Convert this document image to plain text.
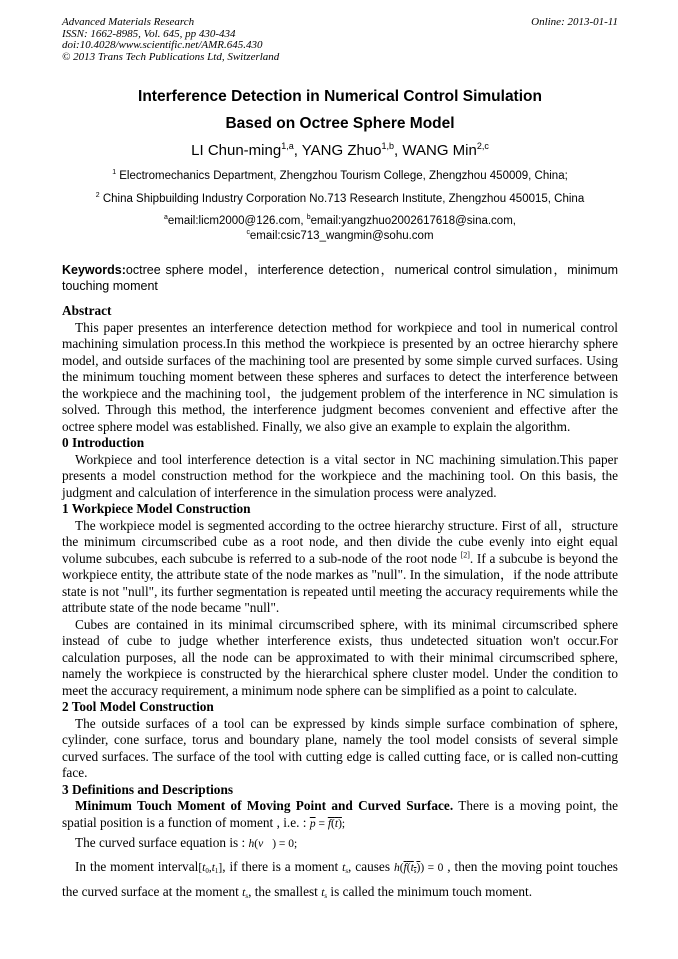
Advanced Materials Research
ISSN: 1662-8985, Vol. 645, pp 430-434
doi:10.4028/www.scientific.net/AMR.645.430
© 2013 Trans Tech Publications Ltd, Switzerland
Online: 2013-01-11
Interference Detection in Numerical Control Simulation
Based on Octree Sphere Model
LI Chun-ming$^{1,a}$, YANG Zhuo$^{1,b}$, WANG Min$^{2,c}$
$^1$ Electromechanics Department, Zhengzhou Tourism College, Zhengzhou 450009, China;
$^2$ China Shipbuilding Industry Corporation No.713 Research Institute, Zhengzhou 450015, China
$^a$email:licm2000@126.com, $^b$email:yangzhuo2002617618@sina.com,
$^c$email:csic713_wangmin@sohu.com

Keywords:octree sphere model，interference detection，numerical control simulation，minimum touching moment

Abstract

This paper presentes an interference detection method for workpiece and tool in numerical control machining simulation process.In this method the workpiece is presented by an octree hierarchy sphere model, and outside surfaces of the machining tool are presented by some simple curved surfaces. Using the minimum touching moment between these spheres and surfaces to detect the interference between the workpiece and the machining tool，the judgement problem of the interference in NC simulation is solved. Through this method, the interference judgment becomes convenient and effective after the octree sphere model was established. Finally, we also give an example to explain the algorithm.

0 Introduction

Workpiece and tool interference detection is a vital sector in NC machining simulation.This paper presents a model construction method for the workpiece and the machining tool. On this basis, the judgment and calculation of interference in the simulation process were analyzed.

1 Workpiece Model Construction

The workpiece model is segmented according to the octree hierarchy structure. First of all，structure the minimum circumscribed cube as a root node, and then divide the cube evenly into eight equal volume subcubes, each subcube is referred to a sub-node of the root node [2]. If a subcube is beyond the workpiece entity, the attribute state of the node markes as "null". In the simulation，if the node attribute state is not "null", its further segmentation is repeated until meeting the accuracy requirements while the attribute state of the node became "null".

Cubes are contained in its minimal circumscribed sphere, with its minimal circumscribed sphere instead of cube to judge whether interference exists, thus undetected situation won't occur.For calculation purposes, all the node can be approximated to with their minimal circumscribed sphere, namely the workpiece is constructed by the hierarchical sphere cluster model. Under the condition to meet the accuracy requirement, a minimum node sphere can be simplified as a point to calculate.

2 Tool Model Construction

The outside surfaces of a tool can be expressed by kinds simple surface combination of sphere, cylinder, cone surface, torus and boundary plane, namely the tool model consists of several simple curved surfaces. The surface of the tool with cutting edge is called cutting face, or is called non-cutting face.

3 Definitions and Descriptions

Minimum Touch Moment of Moving Point and Curved Surface. There is a moving point, the spatial position is a function of moment , i.e. : $\overline{p} = f(t)$;

The curved surface equation is : h(v⃗) = 0;

In the moment $interval[t_0,t_1]$, if there is a moment $t_s$, causes $h(f(t_s)) = 0$ , then the moving point touches the curved surface at the moment $t_s$, the smallest $t_s$ is called the minimum touch moment.
